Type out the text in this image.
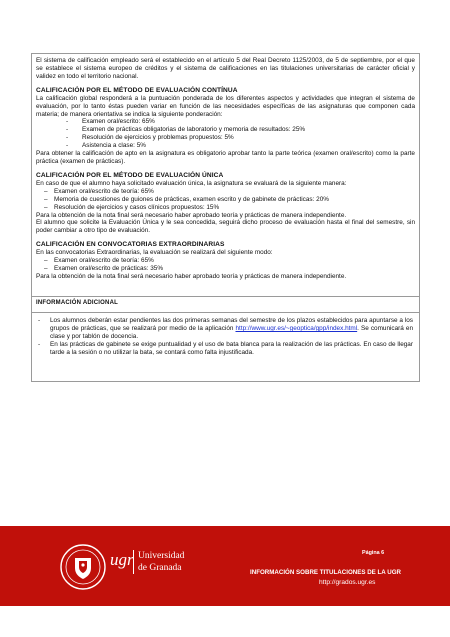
El sistema de calificación empleado será el establecido en el artículo 5 del Real Decreto 1125/2003, de 5 de septiembre, por el que se establece el sistema europeo de créditos y el sistema de calificaciones en las titulaciones universitarias de carácter oficial y validez en todo el territorio nacional.

CALIFICACIÓN POR EL MÉTODO DE EVALUACIÓN CONTÍNUA

La calificación global responderá a la puntuación ponderada de los diferentes aspectos y actividades que integran el sistema de evaluación, por lo tanto éstas pueden variar en función de las necesidades específicas de las asignaturas que componen cada materia; de manera orientativa se indica la siguiente ponderación:

- Examen oral/escrito: 65%
- Examen de prácticas obligatorias de laboratorio y memoria de resultados: 25%
- Resolución de ejercicios y problemas propuestos: 5%
- Asistencia a clase: 5%

Para obtener la calificación de apto en la asignatura es obligatorio aprobar tanto la parte teórica (examen oral/escrito) como la parte práctica (examen de prácticas).

CALIFICACIÓN POR EL MÉTODO DE EVALUACIÓN ÚNICA

En caso de que el alumno haya solicitado evaluación única, la asignatura se evaluará de la siguiente manera:

– Examen oral/escrito de teoría: 65%
– Memoria de cuestiones de guiones de prácticas, examen escrito y de gabinete de prácticas: 20%
– Resolución de ejercicios y casos clínicos propuestos: 15%

Para la obtención de la nota final será necesario haber aprobado teoría y prácticas de manera independiente.

El alumno que solicite la Evaluación Única y le sea concedida, seguirá dicho proceso de evaluación hasta el final del semestre, sin poder cambiar a otro tipo de evaluación.

CALIFICACIÓN EN CONVOCATORIAS EXTRAORDINARIAS

En las convocatorias Extraordinarias, la evaluación se realizará del siguiente modo:

– Examen oral/escrito de teoría: 65%
– Examen oral/escrito de prácticas: 35%

Para la obtención de la nota final será necesario haber aprobado teoría y prácticas de manera independiente.

INFORMACIÓN ADICIONAL
- Los alumnos deberán estar pendientes las dos primeras semanas del semestre de los plazos establecidos para apuntarse a los grupos de prácticas, que se realizará por medio de la aplicación http://www.ugr.es/~geoptica/gpp/index.html. Se comunicará en clase y por tablón de docencia.
- En las prácticas de gabinete se exige puntualidad y el uso de bata blanca para la realización de las prácticas. En caso de llegar tarde a la sesión o no utilizar la bata, se contará como falta injustificada.
ugr Universidad
de Granada
Página 6
INFORMACIÓN SOBRE TITULACIONES DE LA UGR
http://grados.ugr.es
